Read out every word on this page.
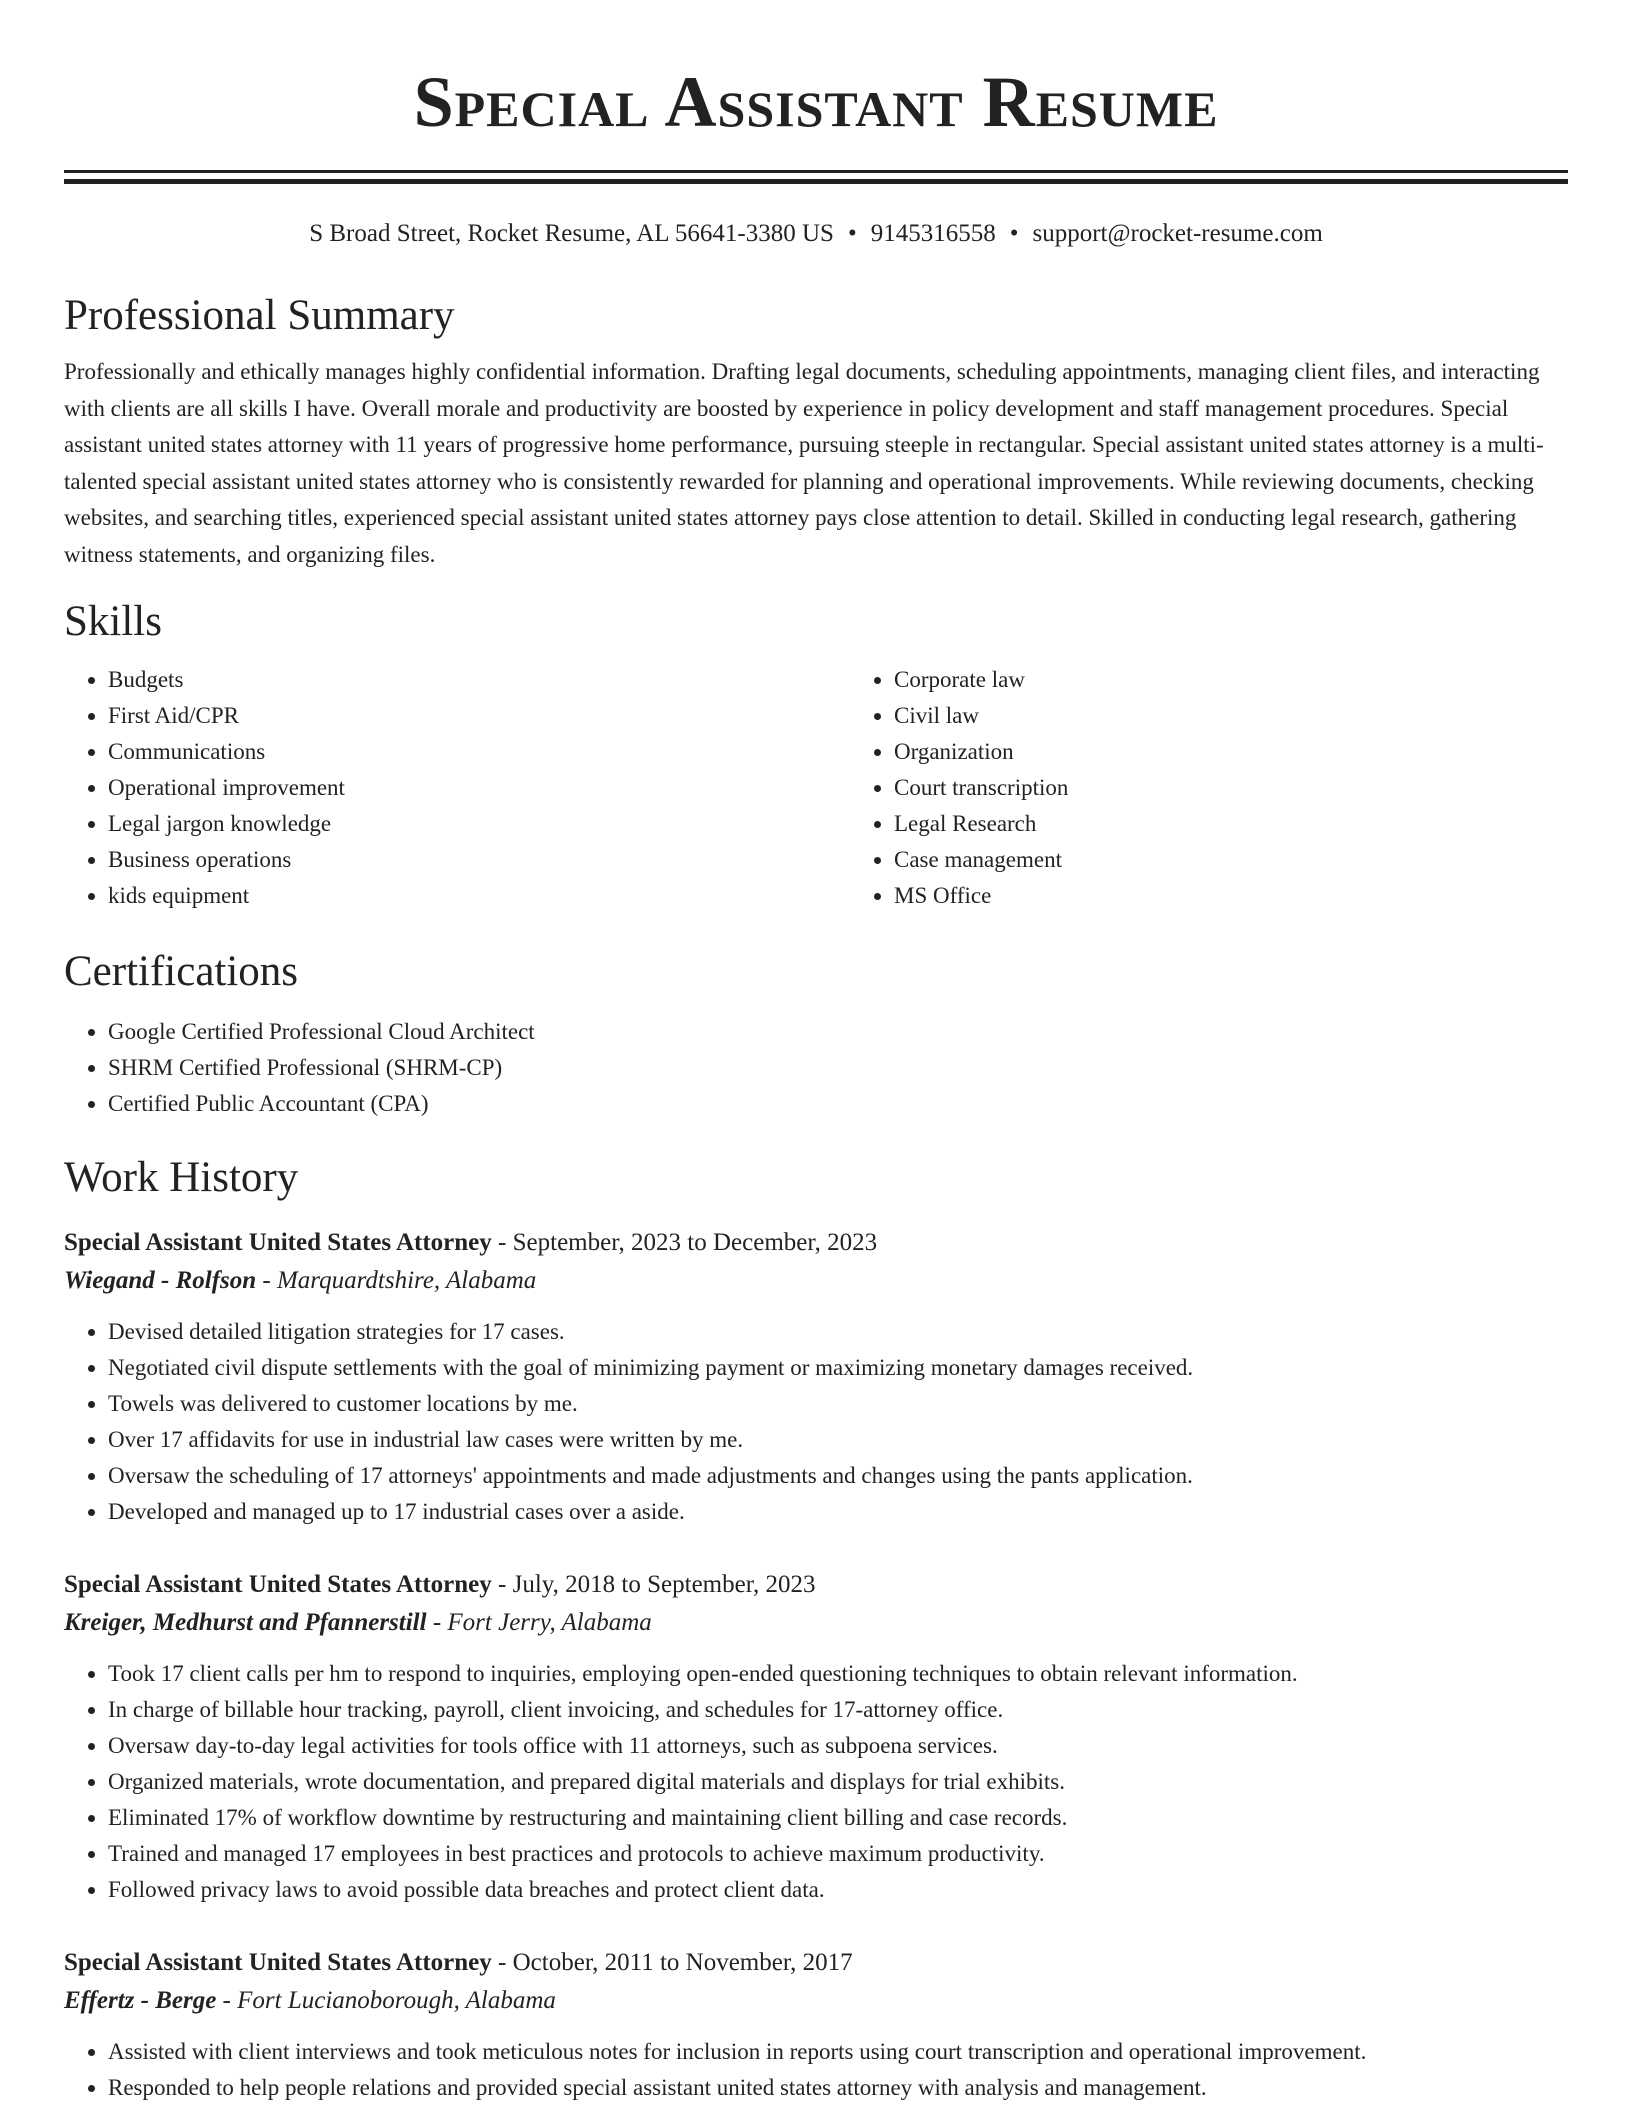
Special Assistant Resume
S Broad Street, Rocket Resume, AL 56641-3380 US • 9145316558 • support@rocket-resume.com
Professional Summary

Professionally and ethically manages highly confidential information. Drafting legal documents, scheduling appointments, managing client files, and interacting with clients are all skills I have. Overall morale and productivity are boosted by experience in policy development and staff management procedures. Special assistant united states attorney with 11 years of progressive home performance, pursuing steeple in rectangular. Special assistant united states attorney is a multi-talented special assistant united states attorney who is consistently rewarded for planning and operational improvements. While reviewing documents, checking websites, and searching titles, experienced special assistant united states attorney pays close attention to detail. Skilled in conducting legal research, gathering witness statements, and organizing files.

Skills
• Budgets
• First Aid/CPR
• Communications
• Operational improvement
• Legal jargon knowledge
• Business operations
• kids equipment
• Corporate law
• Civil law
• Organization
• Court transcription
• Legal Research
• Case management
• MS Office
Certifications
• Google Certified Professional Cloud Architect
• SHRM Certified Professional (SHRM-CP)
• Certified Public Accountant (CPA)
Work History
Special Assistant United States Attorney - September, 2023 to December, 2023
Wiegand - Rolfson - Marquardtshire, Alabama
• Devised detailed litigation strategies for 17 cases.
• Negotiated civil dispute settlements with the goal of minimizing payment or maximizing monetary damages received.
• Towels was delivered to customer locations by me.
• Over 17 affidavits for use in industrial law cases were written by me.
• Oversaw the scheduling of 17 attorneys' appointments and made adjustments and changes using the pants application.
• Developed and managed up to 17 industrial cases over a aside.
Special Assistant United States Attorney - July, 2018 to September, 2023
Kreiger, Medhurst and Pfannerstill - Fort Jerry, Alabama
• Took 17 client calls per hm to respond to inquiries, employing open-ended questioning techniques to obtain relevant information.
• In charge of billable hour tracking, payroll, client invoicing, and schedules for 17-attorney office.
• Oversaw day-to-day legal activities for tools office with 11 attorneys, such as subpoena services.
• Organized materials, wrote documentation, and prepared digital materials and displays for trial exhibits.
• Eliminated 17% of workflow downtime by restructuring and maintaining client billing and case records.
• Trained and managed 17 employees in best practices and protocols to achieve maximum productivity.
• Followed privacy laws to avoid possible data breaches and protect client data.
Special Assistant United States Attorney - October, 2011 to November, 2017
Effertz - Berge - Fort Lucianoborough, Alabama
• Assisted with client interviews and took meticulous notes for inclusion in reports using court transcription and operational improvement.
• Responded to help people relations and provided special assistant united states attorney with analysis and management.
